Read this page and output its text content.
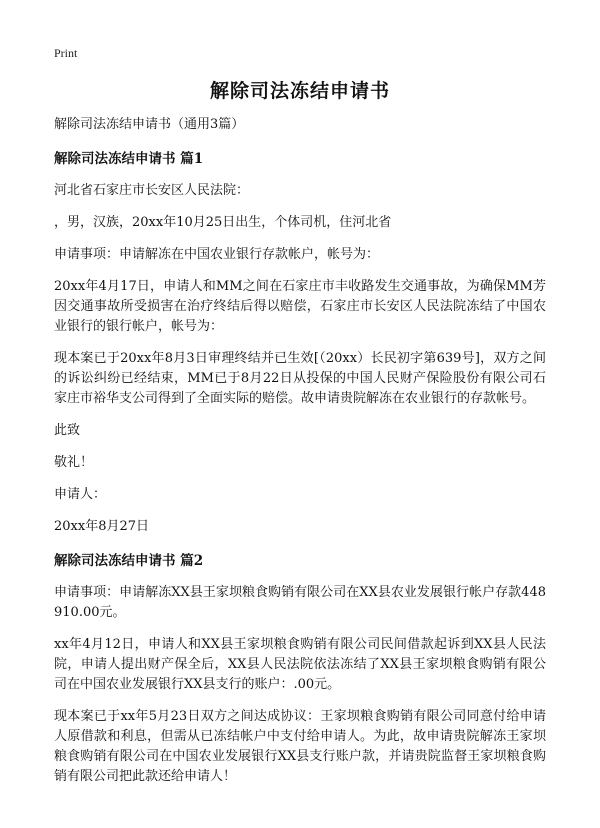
Print

解除司法冻结申请书

解除司法冻结申请书（通用3篇）

解除司法冻结申请书 篇1

河北省石家庄市长安区人民法院：

，男，汉族，20xx年10月25日出生，个体司机，住河北省

申请事项：申请解冻在中国农业银行存款帐户，帐号为：

20xx年4月17日，申请人和MM之间在石家庄市丰收路发生交通事故，为确保MM芳因交通事故所受损害在治疗终结后得以赔偿，石家庄市长安区人民法院冻结了中国农业银行的银行帐户，帐号为：

现本案已于20xx年8月3日审理终结并已生效[（20xx）长民初字第639号]，双方之间的诉讼纠纷已经结束，MM已于8月22日从投保的中国人民财产保险股份有限公司石家庄市裕华支公司得到了全面实际的赔偿。故申请贵院解冻在农业银行的存款帐号。

此致

敬礼！

申请人：

20xx年8月27日

解除司法冻结申请书 篇2

申请事项：申请解冻XX县王家坝粮食购销有限公司在XX县农业发展银行帐户存款448910.00元。

xx年4月12日，申请人和XX县王家坝粮食购销有限公司民间借款起诉到XX县人民法院，申请人提出财产保全后，XX县人民法院依法冻结了XX县王家坝粮食购销有限公司在中国农业发展银行XX县支行的账户：.00元。

现本案已于xx年5月23日双方之间达成协议：王家坝粮食购销有限公司同意付给申请人原借款和利息，但需从已冻结帐户中支付给申请人。为此，故申请贵院解冻王家坝粮食购销有限公司在中国农业发展银行XX县支行账户款，并请贵院监督王家坝粮食购销有限公司把此款还给申请人！
